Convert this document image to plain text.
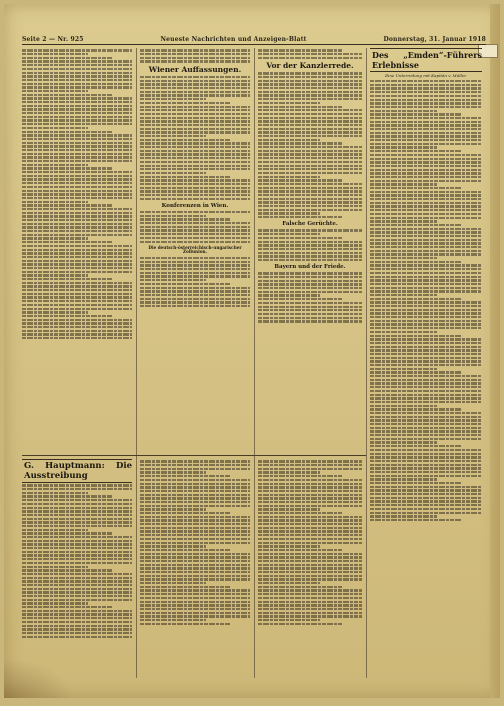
Seite 2 — Nr. 925	Neueste Nachrichten und Anzeigen-Blatt	Donnerstag, 31. Januar 1918
Wiener Auffassungen.
Konferenzen in Wien.
Die deutsch-österreichisch-ungarischer Zollunion.
Vor der Kanzlerrede.
Falsche Gerüchte.
Bayern und der Friede.
Des „Emden“-Führers Erlebnisse
Eine Unterredung mit Kapitän v. Müller.
G. Hauptmann: Die Ausstreibung
